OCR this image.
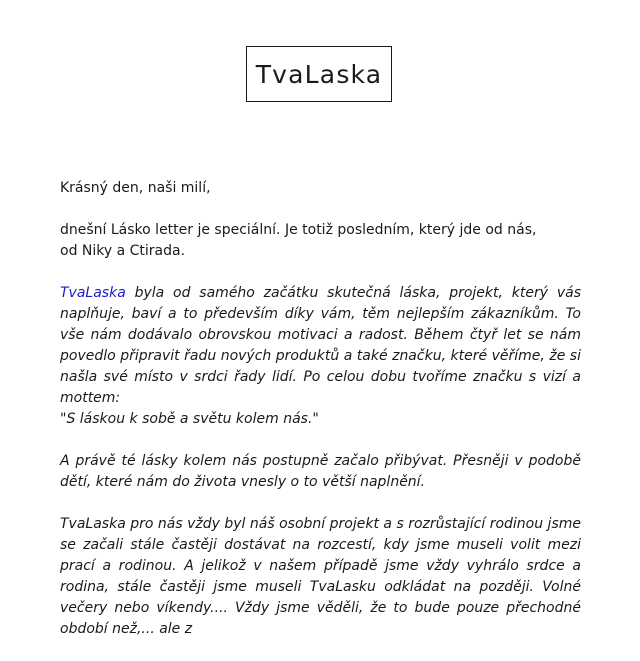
TvaLaska

Krásný den, naši milí,

dnešní Lásko letter je speciální. Je totiž posledním, který jde od nás,
od Niky a Ctirada.

TvaLaska byla od samého začátku skutečná láska, projekt, který vás naplňuje, baví a to především díky vám, těm nejlepším zákazníkům. To vše nám dodávalo obrovskou motivaci a radost. Během čtyř let se nám povedlo připravit řadu nových produktů a také značku, které věříme, že si našla své místo v srdci řady lidí. Po celou dobu tvoříme značku s vizí a mottem:
"S láskou k sobě a světu kolem nás."

A právě té lásky kolem nás postupně začalo přibývat. Přesněji v podobě dětí, které nám do života vnesly o to větší naplnění.

TvaLaska pro nás vždy byl náš osobní projekt a s rozrůstající rodinou jsme se začali stále častěji dostávat na rozcestí, kdy jsme museli volit mezi prací a rodinou. A jelikož v našem případě jsme vždy vyhrálo srdce a rodina, stále častěji jsme museli TvaLasku odkládat na později. Volné večery nebo víkendy.... Vždy jsme věděli, že to bude pouze přechodné období než,... ale z
